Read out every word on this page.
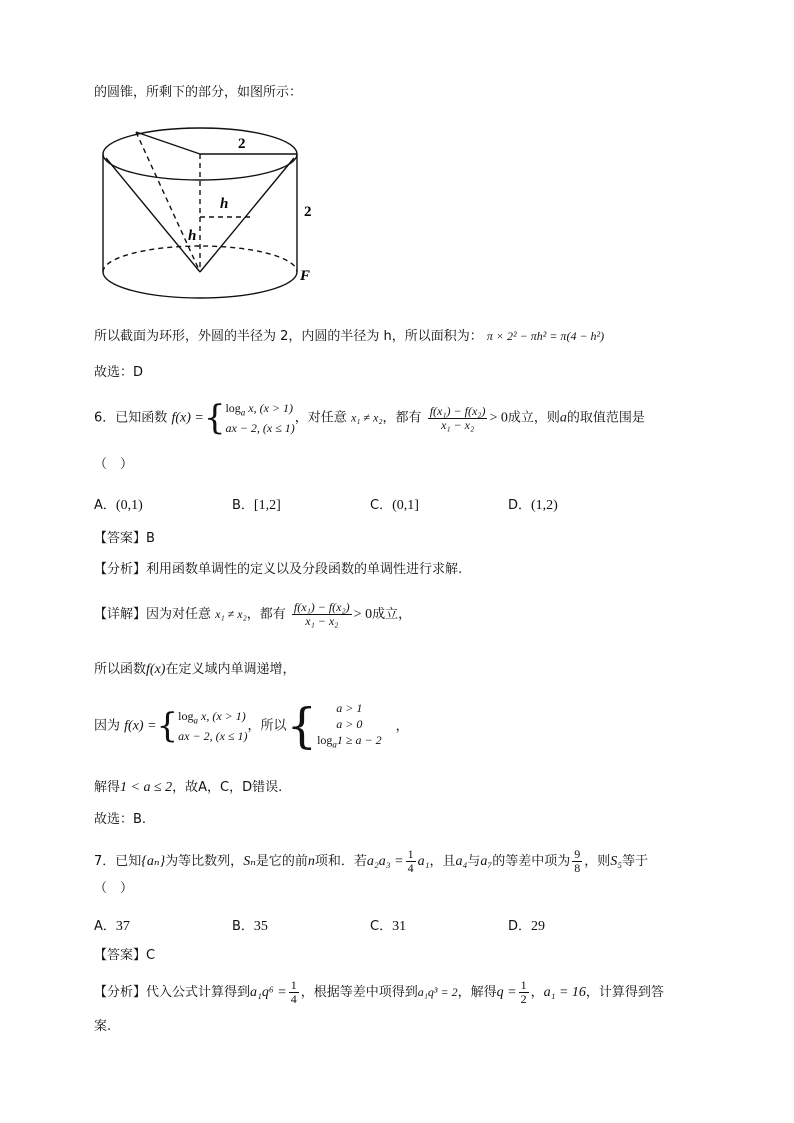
的圆锥，所剩下的部分，如图所示：
2
2
h
h
F
所以截面为环形，外圆的半径为 2，内圆的半径为 h，所以面积为： π × 2² − πh² = π(4 − h²)
故选：D
6．已知函数 f(x) ={ $\log_a x$, (x > 1)
ax − 2, (x ≤ 1)
，对任意 x₁ ≠ x₂，都有 $\frac{\text{f(x₁) − f(x₂)}}{\text{x₁ − x₂}} > 0$成立，则a的取值范围是
（　）
A．(0,1)	B．[1,2]	C．(0,1]	D．(1,2)
【答案】B
【分析】利用函数单调性的定义以及分段函数的单调性进行求解.
【详解】因为对任意 x₁ ≠ x₂，都有 $\frac{\text{f(x₁) − f(x₂)}}{\text{x₁ − x₂}} > 0$成立，
所以函数f(x)在定义域内单调递增，
因为 f(x) ={ $\log_a x$, (x > 1)
ax − 2, (x ≤ 1)
，所以{	a > 1
a > 0
$\log_a1 \ge a - 2$
，
解得1 < a ≤ 2，故A，C，D错误.
故选：B.
7．已知{aₙ}为等比数列，Sₙ是它的前n项和．若$a_2a_3 = \frac{1}{4} a_1$，且a₄与a₇的等差中项为 $\frac{9}{8}$ ，则S₅等于
（　）
A．37	B．35	C．31	D．29
【答案】C
【分析】代入公式计算得到$a_1q^6 = \frac{1}{4}$ ，根据等差中项得到a₁q³ = 2，解得$q = \frac{1}{2}$ ，a₁ = 16，计算得到答
案.
